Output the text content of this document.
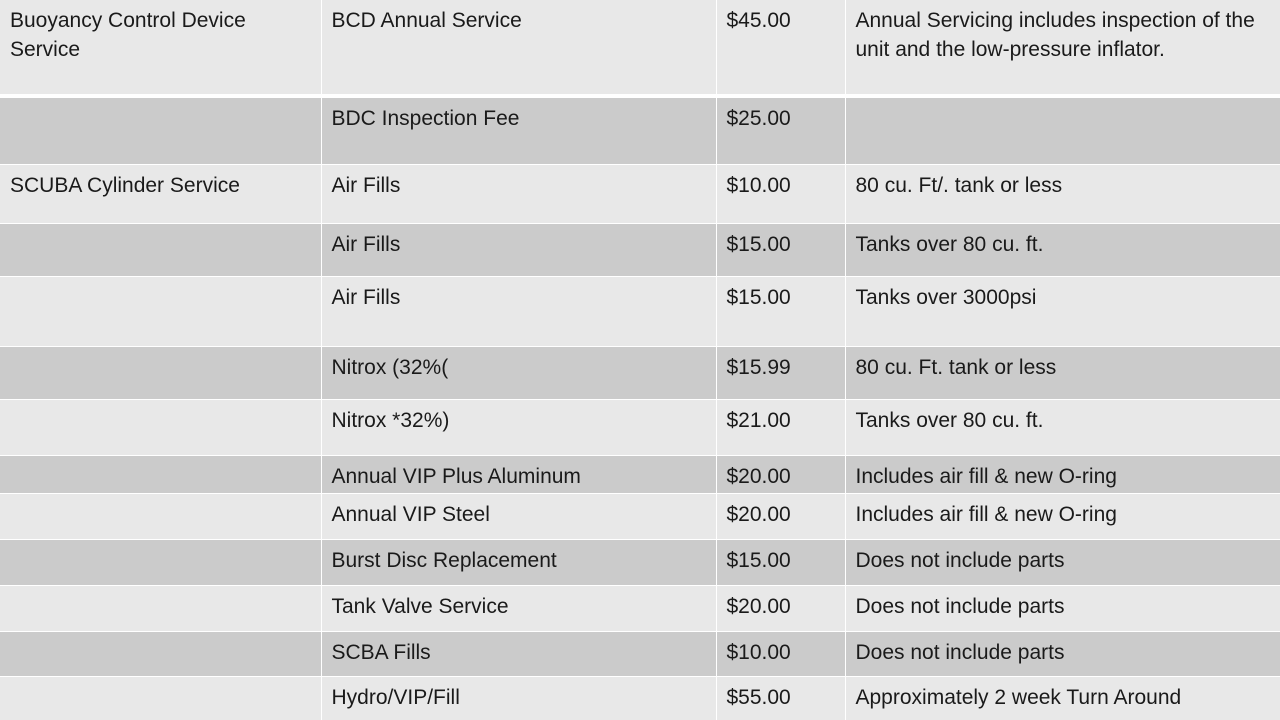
Buoyancy Control Device Service	BCD Annual Service	$45.00	Annual Servicing includes inspection of the unit and the low-pressure inflator.
	BDC Inspection Fee	$25.00	
SCUBA Cylinder Service	Air Fills	$10.00	80 cu. Ft/. tank or less
	Air Fills	$15.00	Tanks over 80 cu. ft.
	Air Fills	$15.00	Tanks over 3000psi
	Nitrox (32%(	$15.99	80 cu. Ft. tank or less
	Nitrox *32%)	$21.00	Tanks over 80 cu. ft.
	Annual VIP Plus Aluminum	$20.00	Includes air fill & new O-ring
	Annual VIP Steel	$20.00	Includes air fill & new O-ring
	Burst Disc Replacement	$15.00	Does not include parts
	Tank Valve Service	$20.00	Does not include parts
	SCBA Fills	$10.00	Does not include parts
	Hydro/VIP/Fill	$55.00	Approximately 2 week Turn Around
